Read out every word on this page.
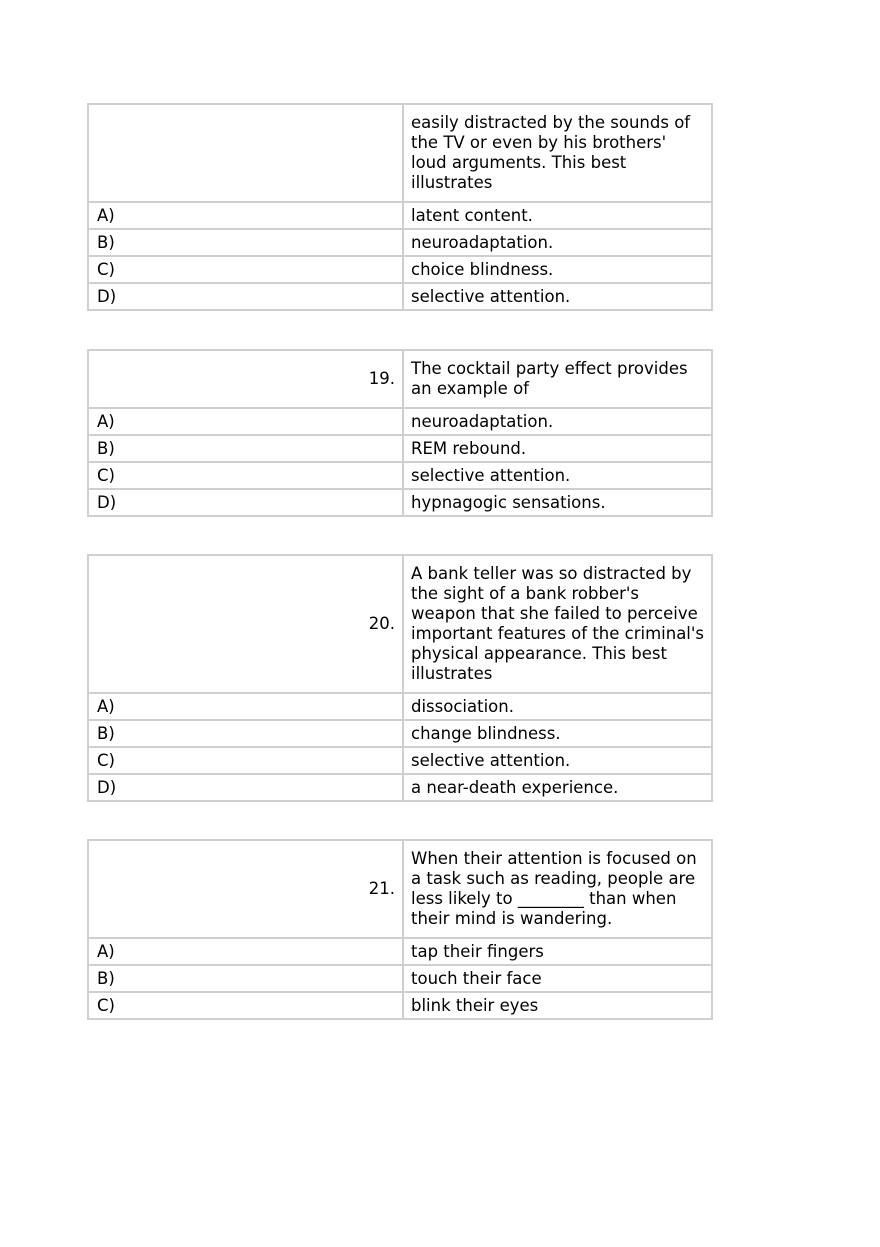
	easily distracted by the sounds of the TV or even by his brothers' loud arguments. This best illustrates
A)	latent content.
B)	neuroadaptation.
C)	choice blindness.
D)	selective attention.
19.	The cocktail party effect provides an example of
A)	neuroadaptation.
B)	REM rebound.
C)	selective attention.
D)	hypnagogic sensations.
20.	A bank teller was so distracted by the sight of a bank robber's weapon that she failed to perceive important features of the criminal's physical appearance. This best illustrates
A)	dissociation.
B)	change blindness.
C)	selective attention.
D)	a near-death experience.
21.	When their attention is focused on a task such as reading, people are less likely to ________ than when their mind is wandering.
A)	tap their fingers
B)	touch their face
C)	blink their eyes
